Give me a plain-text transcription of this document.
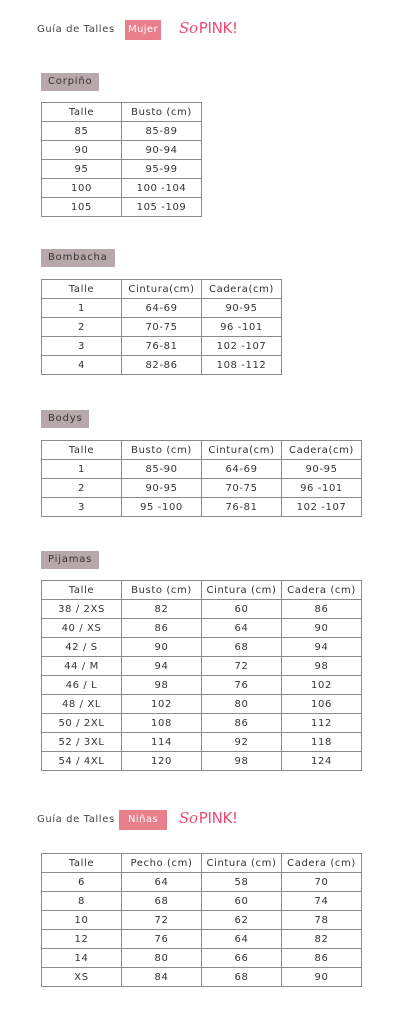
Guía de Talles Mujer SoPINK!
Corpiño
Talle	Busto (cm)
85	85-89
90	90-94
95	95-99
100	100 -104
105	105 -109
Bombacha
Talle	Cintura(cm)	Cadera(cm)
1	64-69	90-95
2	70-75	96 -101
3	76-81	102 -107
4	82-86	108 -112
Bodys
Talle	Busto (cm)	Cintura(cm)	Cadera(cm)
1	85-90	64-69	90-95
2	90-95	70-75	96 -101
3	95 -100	76-81	102 -107
Pijamas
Talle	Busto (cm)	Cintura (cm)	Cadera (cm)
38 / 2XS	82	60	86
40 / XS	86	64	90
42 / S	90	68	94
44 / M	94	72	98
46 / L	98	76	102
48 / XL	102	80	106
50 / 2XL	108	86	112
52 / 3XL	114	92	118
54 / 4XL	120	98	124
Guía de Talles	Niñas	SoPINK!
Talle	Pecho (cm)	Cintura (cm)	Cadera (cm)
6	64	58	70
8	68	60	74
10	72	62	78
12	76	64	82
14	80	66	86
XS	84	68	90
